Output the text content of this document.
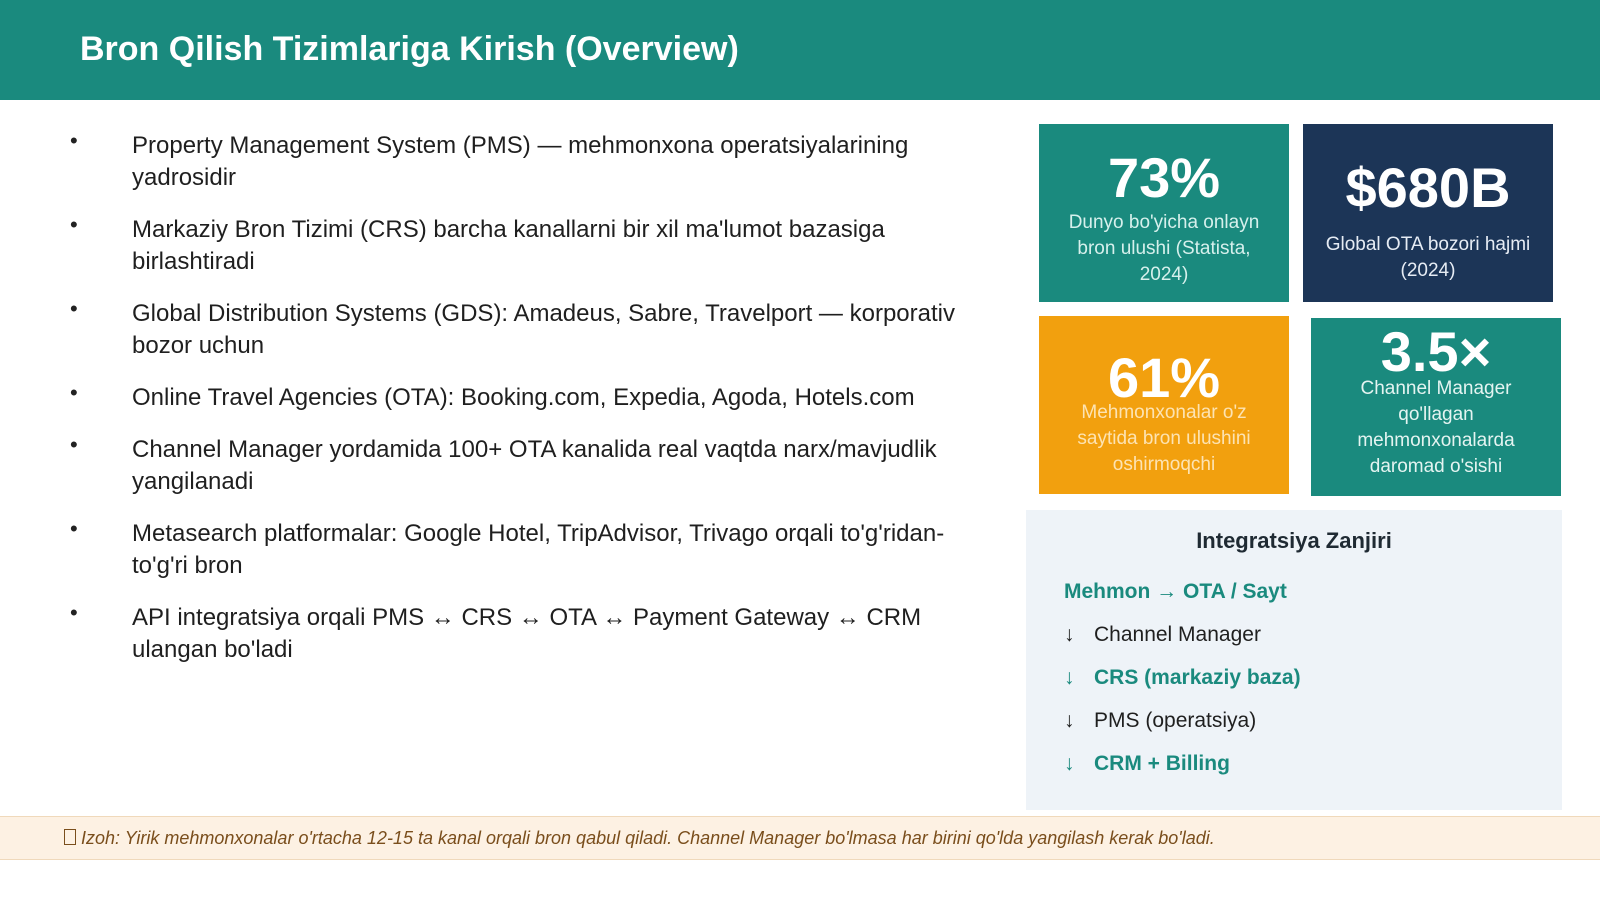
Bron Qilish Tizimlariga Kirish (Overview)
• Property Management System (PMS) — mehmonxona operatsiyalarining yadrosidir
• Markaziy Bron Tizimi (CRS) barcha kanallarni bir xil ma'lumot bazasiga birlashtiradi
• Global Distribution Systems (GDS): Amadeus, Sabre, Travelport — korporativ bozor uchun
• Online Travel Agencies (OTA): Booking.com, Expedia, Agoda, Hotels.com
• Channel Manager yordamida 100+ OTA kanalida real vaqtda narx/mavjudlik yangilanadi
• Metasearch platformalar: Google Hotel, TripAdvisor, Trivago orqali to'g'ridan-to'g'ri bron
• API integratsiya orqali PMS ↔ CRS ↔ OTA ↔ Payment Gateway ↔ CRM ulangan bo'ladi
73%
Dunyo bo'yicha onlayn bron ulushi (Statista, 2024)
$680B
Global OTA bozori hajmi (2024)
61%
Mehmonxonalar o'z saytida bron ulushini oshirmoqchi
3.5×
Channel Manager qo'llagan mehmonxonalarda daromad o'sishi
Integratsiya Zanjiri
Mehmon → OTA / Sayt
↓ Channel Manager
↓ CRS (markaziy baza)
↓ PMS (operatsiya)
↓ CRM + Billing
Izoh: Yirik mehmonxonalar o'rtacha 12-15 ta kanal orqali bron qabul qiladi. Channel Manager bo'lmasa har birini qo'lda yangilash kerak bo'ladi.
